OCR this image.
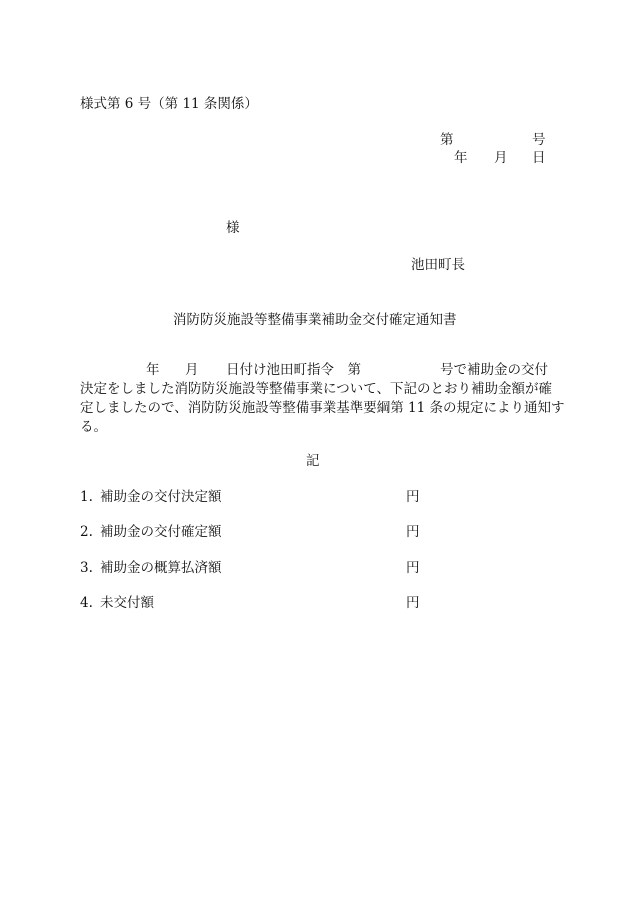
様式第 6 号（第 11 条関係）
第	号
年 月 日
様
池田町長
消防防災施設等整備事業補助金交付確定通知書
年 月 日付け池田町指令　第	号で補助金の交付
決定をしました消防防災施設等整備事業について、下記のとおり補助金額が確
定しましたので、消防防災施設等整備事業基準要綱第 11 条の規定により通知す
る。
記
1. 補助金の交付決定額	円
2. 補助金の交付確定額	円
3. 補助金の概算払済額	円
4. 未交付額	円
